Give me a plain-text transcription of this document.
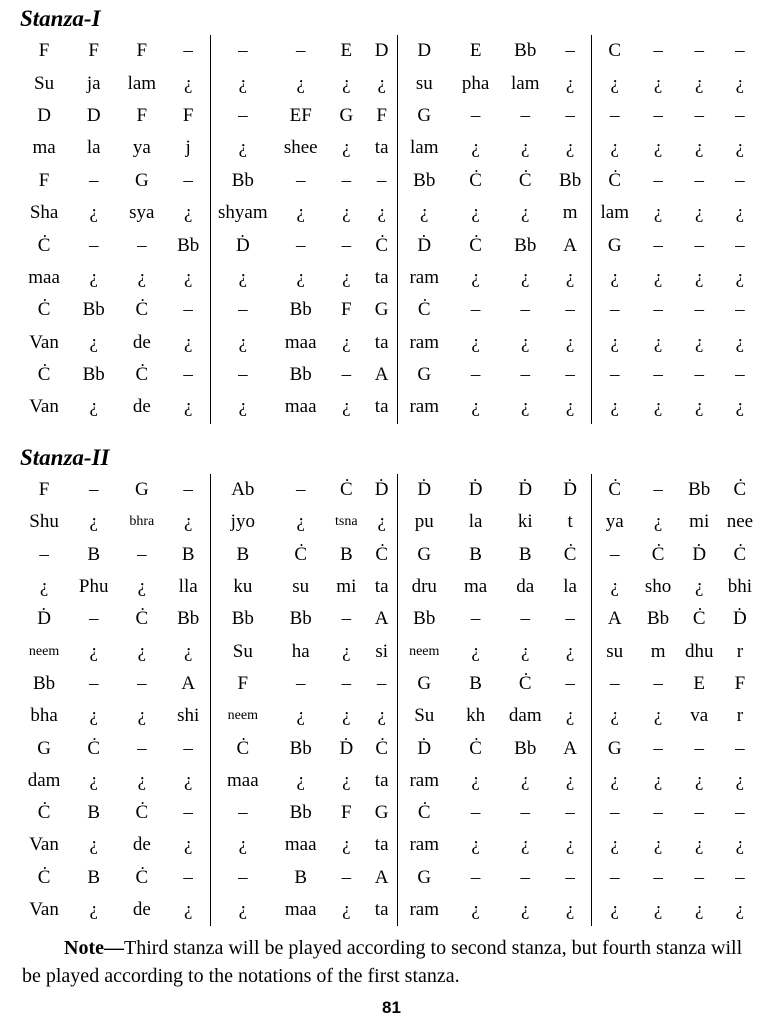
Stanza-I
F	F	F	–	–	–	E	D	D	E	Bb	–	C	–	–	–
Su	ja	lam	¿	¿	¿	¿	¿	su	pha	lam	¿	¿	¿	¿	¿
D	D	F	F	–	EF	G	F	G	–	–	–	–	–	–	–
ma	la	ya	j	¿	shee	¿	ta	lam	¿	¿	¿	¿	¿	¿	¿
F	–	G	–	Bb	–	–	–	Bb	Ċ	Ċ	Bb	Ċ	–	–	–
Sha	¿	sya	¿	shyam	¿	¿	¿	¿	¿	¿	m	lam	¿	¿	¿
Ċ	–	–	Bb	Ḋ	–	–	Ċ	Ḋ	Ċ	Bb	A	G	–	–	–
maa	¿	¿	¿	¿	¿	¿	ta	ram	¿	¿	¿	¿	¿	¿	¿
Ċ	Bb	Ċ	–	–	Bb	F	G	Ċ	–	–	–	–	–	–	–
Van	¿	de	¿	¿	maa	¿	ta	ram	¿	¿	¿	¿	¿	¿	¿
Ċ	Bb	Ċ	–	–	Bb	–	A	G	–	–	–	–	–	–	–
Van	¿	de	¿	¿	maa	¿	ta	ram	¿	¿	¿	¿	¿	¿	¿
Stanza-II
F	–	G	–	Ab	–	Ċ	Ḋ	Ḋ	Ḋ	Ḋ	Ḋ	Ċ	–	Bb	Ċ
Shu	¿	bhra	¿	jyo	¿	tsna	¿	pu	la	ki	t	ya	¿	mi	nee
–	B	–	B	B	Ċ	B	Ċ	G	B	B	Ċ	–	Ċ	Ḋ	Ċ
¿	Phu	¿	lla	ku	su	mi	ta	dru	ma	da	la	¿	sho	¿	bhi
Ḋ	–	Ċ	Bb	Bb	Bb	–	A	Bb	–	–	–	A	Bb	Ċ	Ḋ
neem	¿	¿	¿	Su	ha	¿	si	neem	¿	¿	¿	su	m	dhu	r
Bb	–	–	A	F	–	–	–	G	B	Ċ	–	–	–	E	F
bha	¿	¿	shi	neem	¿	¿	¿	Su	kh	dam	¿	¿	¿	va	r
G	Ċ	–	–	Ċ	Bb	Ḋ	Ċ	Ḋ	Ċ	Bb	A	G	–	–	–
dam	¿	¿	¿	maa	¿	¿	ta	ram	¿	¿	¿	¿	¿	¿	¿
Ċ	B	Ċ	–	–	Bb	F	G	Ċ	–	–	–	–	–	–	–
Van	¿	de	¿	¿	maa	¿	ta	ram	¿	¿	¿	¿	¿	¿	¿
Ċ	B	Ċ	–	–	B	–	A	G	–	–	–	–	–	–	–
Van	¿	de	¿	¿	maa	¿	ta	ram	¿	¿	¿	¿	¿	¿	¿

Note—Third stanza will be played according to second stanza, but fourth stanza will be played according to the notations of the first stanza.

81
